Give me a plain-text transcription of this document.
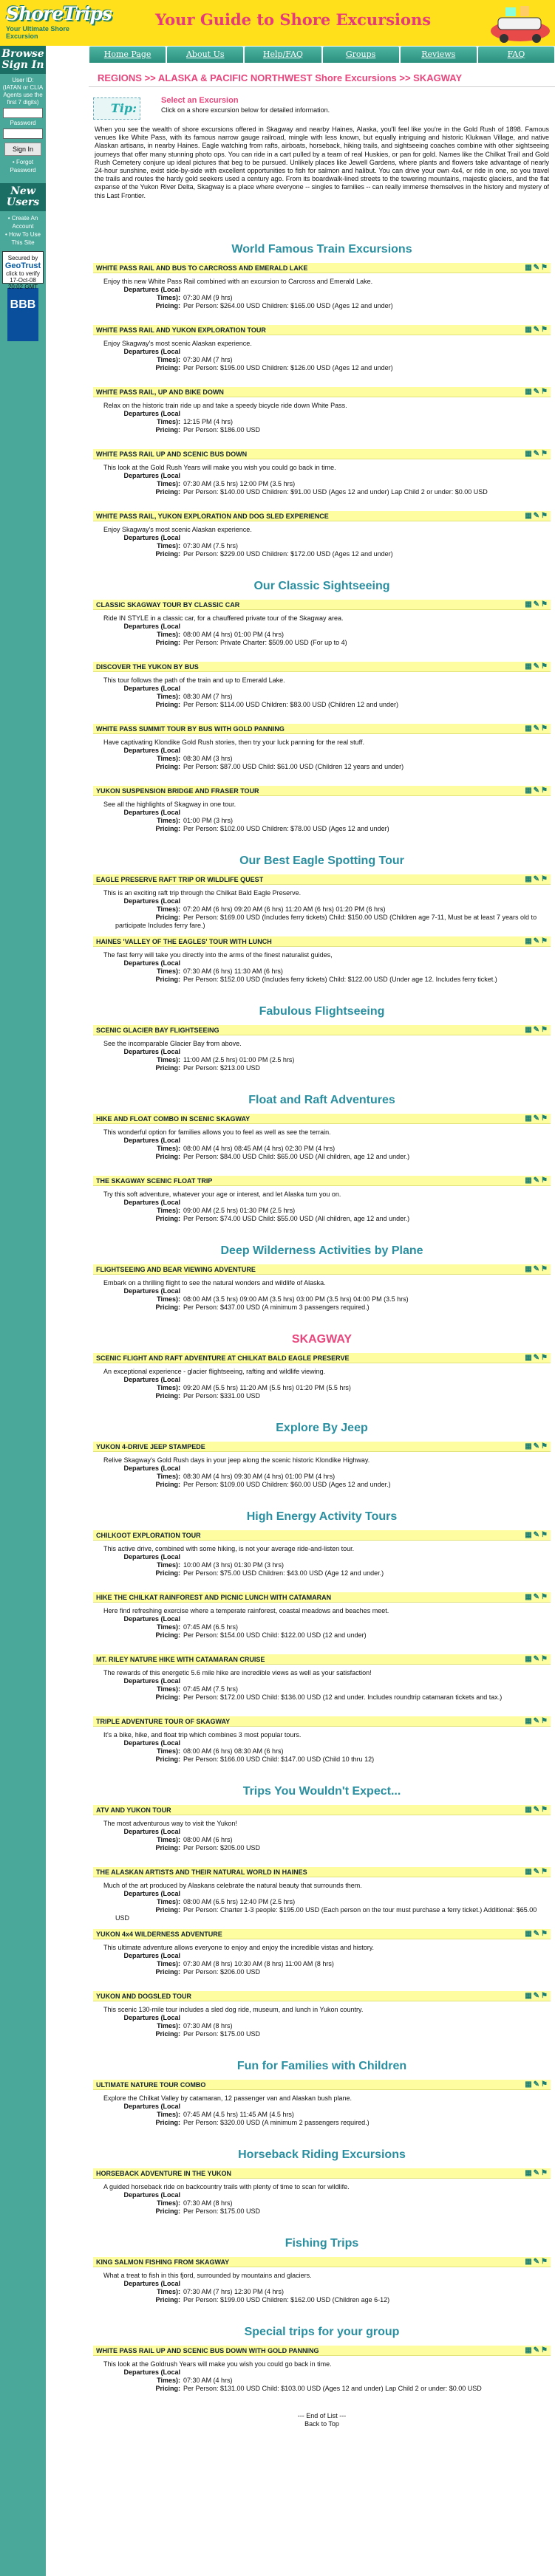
ShoreTrips
Your Ultimate Shore Excursion
Your Guide to Shore Excursions
Home Page	About Us	Help/FAQ	Groups	Reviews	FAQ
Browse
Sign In
User ID:
(IATAN or CLIA Agents use the first 7 digits)
Password
Sign In
• Forgot Password
New Users
• Create An Account
• How To Use This Site
Secured by
GeoTrust
click to verify
17-Oct-08 20:02 GMT
BBB
REGIONS >> ALASKA & PACIFIC NORTHWEST Shore Excursions >> SKAGWAY
Tip:
Select an Excursion
Click on a shore excursion below for detailed information.
When you see the wealth of shore excursions offered in Skagway and nearby Haines, Alaska, you'll feel like you're in the Gold Rush of 1898. Famous venues like White Pass, with its famous narrow gauge railroad, mingle with less known, but equally intriguing and historic Klukwan Village, and native Alaskan artisans, in nearby Haines. Eagle watching from rafts, airboats, horseback, hiking trails, and sightseeing coaches combine with other sightseeing journeys that offer many stunning photo ops. You can ride in a cart pulled by a team of real Huskies, or pan for gold. Names like the Chilkat Trail and Gold Rush Cemetery conjure up ideal pictures that beg to be pursued. Unlikely places like Jewell Gardens, where plants and flowers take advantage of nearly 24-hour sunshine, exist side-by-side with excellent opportunities to fish for salmon and halibut. You can drive your own 4x4, or ride in one, so you travel the trails and routes the hardy gold seekers used a century ago. From its boardwalk-lined streets to the towering mountains, majestic glaciers, and the flat expanse of the Yukon River Delta, Skagway is a place where everyone -- singles to families -- can really immerse themselves in the history and mystery of this Last Frontier.
World Famous Train Excursions
WHITE PASS RAIL AND BUS TO CARCROSS AND EMERALD LAKE	▦✎⚑
Enjoy this new White Pass Rail combined with an excursion to Carcross and Emerald Lake.
Departures (Local Times): 07:30 AM (9 hrs)
Pricing: Per Person: $264.00 USD Children: $165.00 USD (Ages 12 and under)
WHITE PASS RAIL AND YUKON EXPLORATION TOUR	▦✎⚑
Enjoy Skagway's most scenic Alaskan experience.
Departures (Local Times): 07:30 AM (7 hrs)
Pricing: Per Person: $195.00 USD Children: $126.00 USD (Ages 12 and under)
WHITE PASS RAIL, UP AND BIKE DOWN	▦✎⚑
Relax on the historic train ride up and take a speedy bicycle ride down White Pass.
Departures (Local Times): 12:15 PM (4 hrs)
Pricing: Per Person: $186.00 USD
WHITE PASS RAIL UP AND SCENIC BUS DOWN	▦✎⚑
This look at the Gold Rush Years will make you wish you could go back in time.
Departures (Local Times): 07:30 AM (3.5 hrs) 12:00 PM (3.5 hrs)
Pricing: Per Person: $140.00 USD Children: $91.00 USD (Ages 12 and under) Lap Child 2 or under: $0.00 USD
WHITE PASS RAIL, YUKON EXPLORATION AND DOG SLED EXPERIENCE	▦✎⚑
Enjoy Skagway's most scenic Alaskan experience.
Departures (Local Times): 07:30 AM (7.5 hrs)
Pricing: Per Person: $229.00 USD Children: $172.00 USD (Ages 12 and under)
Our Classic Sightseeing
CLASSIC SKAGWAY TOUR BY CLASSIC CAR	▦✎⚑
Ride IN STYLE in a classic car, for a chauffered private tour of the Skagway area.
Departures (Local Times): 08:00 AM (4 hrs) 01:00 PM (4 hrs)
Pricing: Per Person: Private Charter: $509.00 USD (For up to 4)
DISCOVER THE YUKON BY BUS	▦✎⚑
This tour follows the path of the train and up to Emerald Lake.
Departures (Local Times): 08:30 AM (7 hrs)
Pricing: Per Person: $114.00 USD Children: $83.00 USD (Children 12 and under)
WHITE PASS SUMMIT TOUR BY BUS WITH GOLD PANNING	▦✎⚑
Have captivating Klondike Gold Rush stories, then try your luck panning for the real stuff.
Departures (Local Times): 08:30 AM (3 hrs)
Pricing: Per Person: $87.00 USD Child: $61.00 USD (Children 12 years and under)
YUKON SUSPENSION BRIDGE AND FRASER TOUR	▦✎⚑
See all the highlights of Skagway in one tour.
Departures (Local Times): 01:00 PM (3 hrs)
Pricing: Per Person: $102.00 USD Children: $78.00 USD (Ages 12 and under)
Our Best Eagle Spotting Tour
EAGLE PRESERVE RAFT TRIP OR WILDLIFE QUEST	▦✎⚑
This is an exciting raft trip through the Chilkat Bald Eagle Preserve.
Departures (Local Times): 07:20 AM (6 hrs) 09:20 AM (6 hrs) 11:20 AM (6 hrs) 01:20 PM (6 hrs)
Pricing: Per Person: $169.00 USD (Includes ferry tickets) Child: $150.00 USD (Children age 7-11, Must be at least 7 years old to participate Includes ferry fare.)
HAINES 'VALLEY OF THE EAGLES' TOUR WITH LUNCH	▦✎⚑
The fast ferry will take you directly into the arms of the finest naturalist guides,
Departures (Local Times): 07:30 AM (6 hrs) 11:30 AM (6 hrs)
Pricing: Per Person: $152.00 USD (Includes ferry tickets) Child: $122.00 USD (Under age 12. Includes ferry ticket.)
Fabulous Flightseeing
SCENIC GLACIER BAY FLIGHTSEEING	▦✎⚑
See the incomparable Glacier Bay from above.
Departures (Local Times): 11:00 AM (2.5 hrs) 01:00 PM (2.5 hrs)
Pricing: Per Person: $213.00 USD
Float and Raft Adventures
HIKE AND FLOAT COMBO IN SCENIC SKAGWAY	▦✎⚑
This wonderful option for families allows you to feel as well as see the terrain.
Departures (Local Times): 08:00 AM (4 hrs) 08:45 AM (4 hrs) 02:30 PM (4 hrs)
Pricing: Per Person: $84.00 USD Child: $65.00 USD (All children, age 12 and under.)
THE SKAGWAY SCENIC FLOAT TRIP	▦✎⚑
Try this soft adventure, whatever your age or interest, and let Alaska turn you on.
Departures (Local Times): 09:00 AM (2.5 hrs) 01:30 PM (2.5 hrs)
Pricing: Per Person: $74.00 USD Child: $55.00 USD (All children, age 12 and under.)
Deep Wilderness Activities by Plane
FLIGHTSEEING AND BEAR VIEWING ADVENTURE	▦✎⚑
Embark on a thrilling flight to see the natural wonders and wildlife of Alaska.
Departures (Local Times): 08:00 AM (3.5 hrs) 09:00 AM (3.5 hrs) 03:00 PM (3.5 hrs) 04:00 PM (3.5 hrs)
Pricing: Per Person: $437.00 USD (A minimum 3 passengers required.)
SKAGWAY
SCENIC FLIGHT AND RAFT ADVENTURE AT CHILKAT BALD EAGLE PRESERVE	▦✎⚑
An exceptional experience - glacier flightseeing, rafting and wildlife viewing.
Departures (Local Times): 09:20 AM (5.5 hrs) 11:20 AM (5.5 hrs) 01:20 PM (5.5 hrs)
Pricing: Per Person: $331.00 USD
Explore By Jeep
YUKON 4-DRIVE JEEP STAMPEDE	▦✎⚑
Relive Skagway's Gold Rush days in your jeep along the scenic historic Klondike Highway.
Departures (Local Times): 08:30 AM (4 hrs) 09:30 AM (4 hrs) 01:00 PM (4 hrs)
Pricing: Per Person: $109.00 USD Children: $60.00 USD (Ages 12 and under.)
High Energy Activity Tours
CHILKOOT EXPLORATION TOUR	▦✎⚑
This active drive, combined with some hiking, is not your average ride-and-listen tour.
Departures (Local Times): 10:00 AM (3 hrs) 01:30 PM (3 hrs)
Pricing: Per Person: $75.00 USD Children: $43.00 USD (Age 12 and under.)
HIKE THE CHILKAT RAINFOREST AND PICNIC LUNCH WITH CATAMARAN	▦✎⚑
Here find refreshing exercise where a temperate rainforest, coastal meadows and beaches meet.
Departures (Local Times): 07:45 AM (6.5 hrs)
Pricing: Per Person: $154.00 USD Child: $122.00 USD (12 and under)
MT. RILEY NATURE HIKE WITH CATAMARAN CRUISE	▦✎⚑
The rewards of this energetic 5.6 mile hike are incredible views as well as your satisfaction!
Departures (Local Times): 07:45 AM (7.5 hrs)
Pricing: Per Person: $172.00 USD Child: $136.00 USD (12 and under. Includes roundtrip catamaran tickets and tax.)
TRIPLE ADVENTURE TOUR OF SKAGWAY	▦✎⚑
It's a bike, hike, and float trip which combines 3 most popular tours.
Departures (Local Times): 08:00 AM (6 hrs) 08:30 AM (6 hrs)
Pricing: Per Person: $166.00 USD Child: $147.00 USD (Child 10 thru 12)
Trips You Wouldn't Expect...
ATV AND YUKON TOUR	▦✎⚑
The most adventurous way to visit the Yukon!
Departures (Local Times): 08:00 AM (6 hrs)
Pricing: Per Person: $205.00 USD
THE ALASKAN ARTISTS AND THEIR NATURAL WORLD IN HAINES	▦✎⚑
Much of the art produced by Alaskans celebrate the natural beauty that surrounds them.
Departures (Local Times): 08:00 AM (6.5 hrs) 12:40 PM (2.5 hrs)
Pricing: Per Person: Charter 1-3 people: $195.00 USD (Each person on the tour must purchase a ferry ticket.) Additional: $65.00 USD
YUKON 4x4 WILDERNESS ADVENTURE	▦✎⚑
This ultimate adventure allows everyone to enjoy and enjoy the incredible vistas and history.
Departures (Local Times): 07:30 AM (8 hrs) 10:30 AM (8 hrs) 11:00 AM (8 hrs)
Pricing: Per Person: $206.00 USD
YUKON AND DOGSLED TOUR	▦✎⚑
This scenic 130-mile tour includes a sled dog ride, museum, and lunch in Yukon country.
Departures (Local Times): 07:30 AM (8 hrs)
Pricing: Per Person: $175.00 USD
Fun for Families with Children
ULTIMATE NATURE TOUR COMBO	▦✎⚑
Explore the Chilkat Valley by catamaran, 12 passenger van and Alaskan bush plane.
Departures (Local Times): 07:45 AM (4.5 hrs) 11:45 AM (4.5 hrs)
Pricing: Per Person: $320.00 USD (A minimum 2 passengers required.)
Horseback Riding Excursions
HORSEBACK ADVENTURE IN THE YUKON	▦✎⚑
A guided horseback ride on backcountry trails with plenty of time to scan for wildlife.
Departures (Local Times): 07:30 AM (8 hrs)
Pricing: Per Person: $175.00 USD
Fishing Trips
KING SALMON FISHING FROM SKAGWAY	▦✎⚑
What a treat to fish in this fjord, surrounded by mountains and glaciers.
Departures (Local Times): 07:30 AM (7 hrs) 12:30 PM (4 hrs)
Pricing: Per Person: $199.00 USD Children: $162.00 USD (Children age 6-12)
Special trips for your group
WHITE PASS RAIL UP AND SCENIC BUS DOWN WITH GOLD PANNING	▦✎⚑
This look at the Goldrush Years will make you wish you could go back in time.
Departures (Local Times): 07:30 AM (4 hrs)
Pricing: Per Person: $131.00 USD Child: $103.00 USD (Ages 12 and under) Lap Child 2 or under: $0.00 USD
--- End of List ---
Back to Top
